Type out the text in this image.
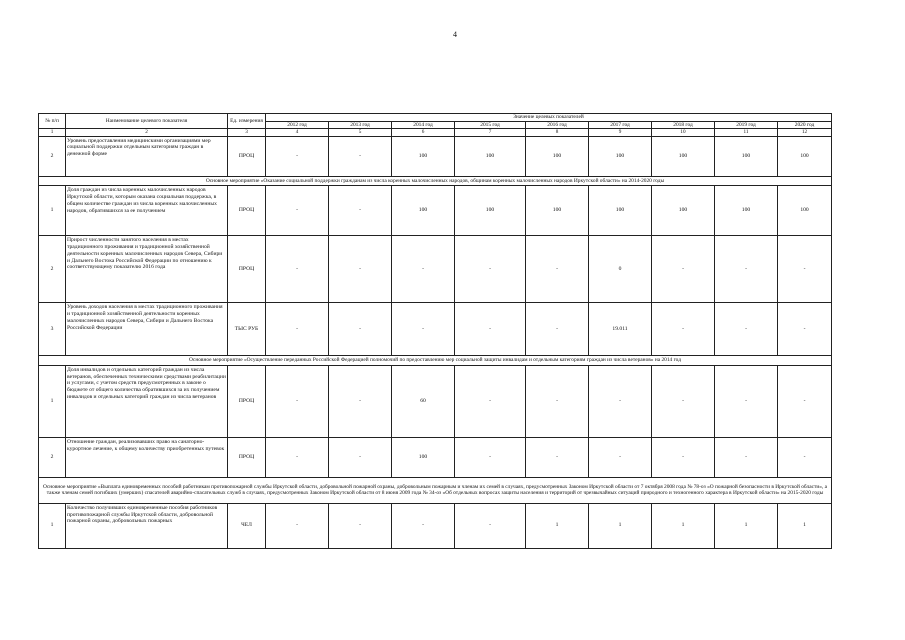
4
№ п/п	Наименование целевого показателя	Ед. измерения	Значение целевых показателей								
			2012 год	2013 год	2014 год	2015 год	2016 год	2017 год	2018 год	2019 год	2020 год
1	2	3	4	5	6	7	8	9	10	11	12
2	Уровень предоставления медицинскими организациями мер социальной поддержки отдельным категориям граждан в денежной форме	ПРОЦ	-	-	100	100	100	100	100	100	100
Основное мероприятие «Оказание социальной поддержки гражданам из числа коренных малочисленных народов, общинам коренных малочисленных народов Иркутской области» на 2014-2020 годы											
1	Доля граждан из числа коренных малочисленных народов Иркутской области, которым оказана социальная поддержка, в общем количестве граждан из числа коренных малочисленных народов, обратившихся за ее получением	ПРОЦ	-	-	100	100	100	100	100	100	100
2	Прирост численности занятого населения в местах традиционного проживания и традиционной хозяйственной деятельности коренных малочисленных народов Севера, Сибири и Дальнего Востока Российской Федерации по отношению к соответствующему показателю 2016 года	ПРОЦ	-	-	-	-	-	0	-	-	-
3	Уровень доходов населения в местах традиционного проживания и традиционной хозяйственной деятельности коренных малочисленных народов Севера, Сибири и Дальнего Востока Российской Федерации	ТЫС РУБ	-	-	-	-	-	19.011	-	-	-
Основное мероприятие «Осуществление переданных Российской Федерацией полномочий по предоставлению мер социальной защиты инвалидам и отдельным категориям граждан из числа ветеранов» на 2014 год											
1	Доля инвалидов и отдельных категорий граждан из числа ветеранов, обеспеченных техническими средствами реабилитации и услугами, с учетом средств предусмотренных в законе о бюджете от общего количества обратившихся за их получением инвалидов и отдельных категорий граждан из числа ветеранов	ПРОЦ	-	-	60	-	-	-	-	-	-
2	Отношение граждан, реализовавших право на санаторно-курортное лечение, к общему количеству приобретенных путевок	ПРОЦ	-	-	100	-	-	-	-	-	-
Основное мероприятие «Выплата единовременных пособий работникам противопожарной службы Иркутской области, добровольной пожарной охраны, добровольным пожарным и членам их семей в случаях, предусмотренных Законом Иркутской области от 7 октября 2008 года № 78-оз «О пожарной безопасности в Иркутской области», а также членам семей погибших (умерших) спасателей аварийно-спасательных служб в случаях, предусмотренных Законом Иркутской области от 8 июня 2009 года № 34-оз «Об отдельных вопросах защиты населения и территорий от чрезвычайных ситуаций природного и техногенного характера в Иркутской области» на 2015-2020 годы											
1	Количество получивших единовременные пособия работников противопожарной службы Иркутской области, добровольной пожарной охраны, добровольных пожарных	ЧЕЛ	-	-	-	-	1	1	1	1	1
